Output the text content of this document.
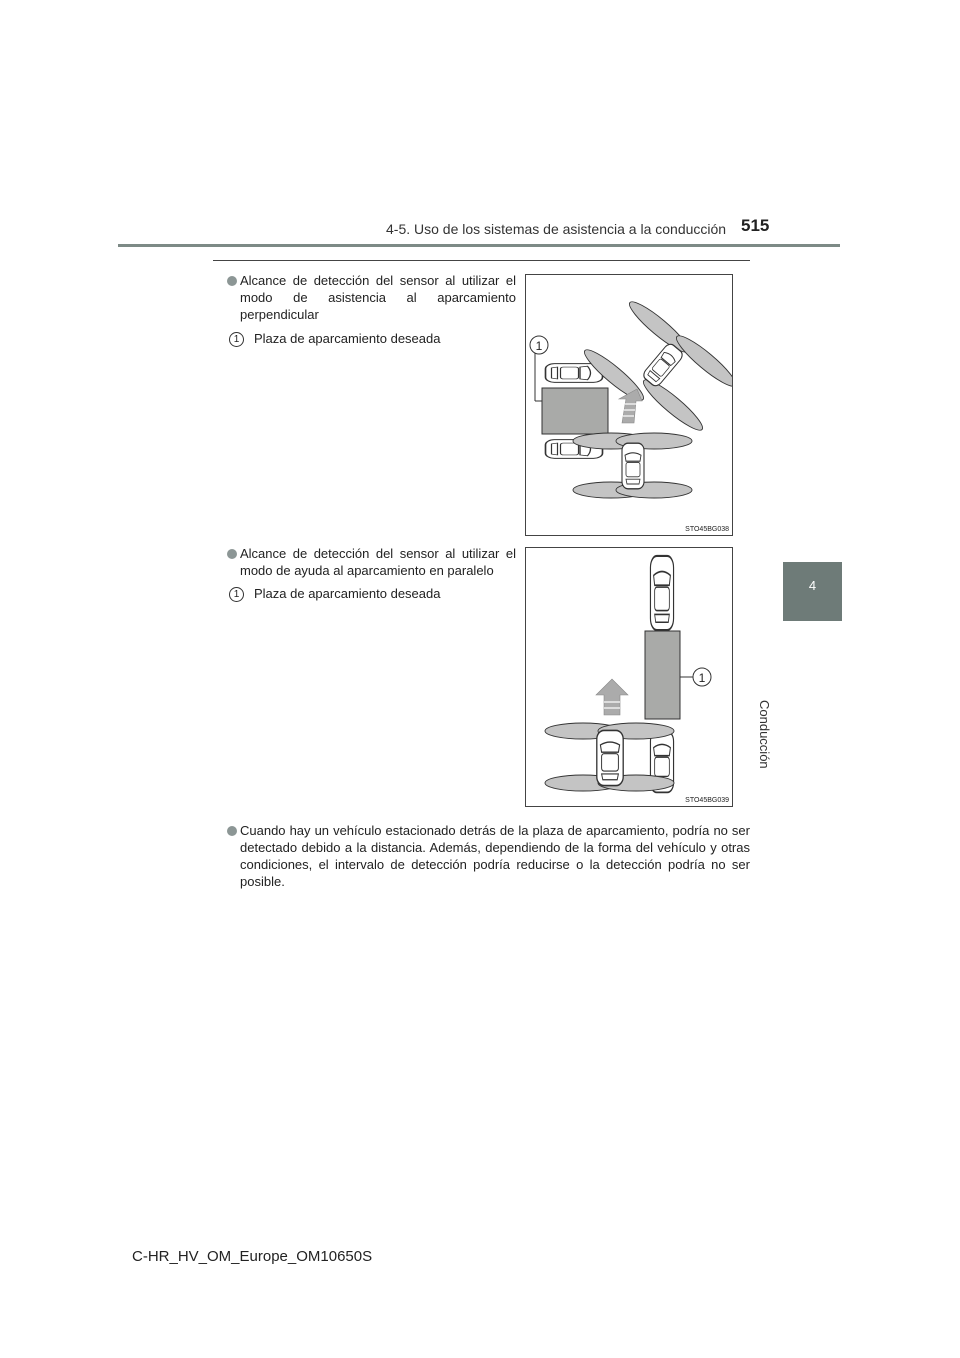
4-5. Uso de los sistemas de asistencia a la conducción 515
4
Conducción
Alcance de detección del sensor al utilizar el modo de asistencia al aparcamiento perpendicular
1 Plaza de aparcamiento deseada	1
STO45BG038
Alcance de detección del sensor al utilizar el modo de ayuda al aparcamiento en paralelo
1 Plaza de aparcamiento deseada
1
STO45BG039
Cuando hay un vehículo estacionado detrás de la plaza de aparcamiento, podría no ser detectado debido a la distancia. Además, dependiendo de la forma del vehículo y otras condiciones, el intervalo de detección podría reducirse o la detección podría no ser posible.
C-HR_HV_OM_Europe_OM10650S
